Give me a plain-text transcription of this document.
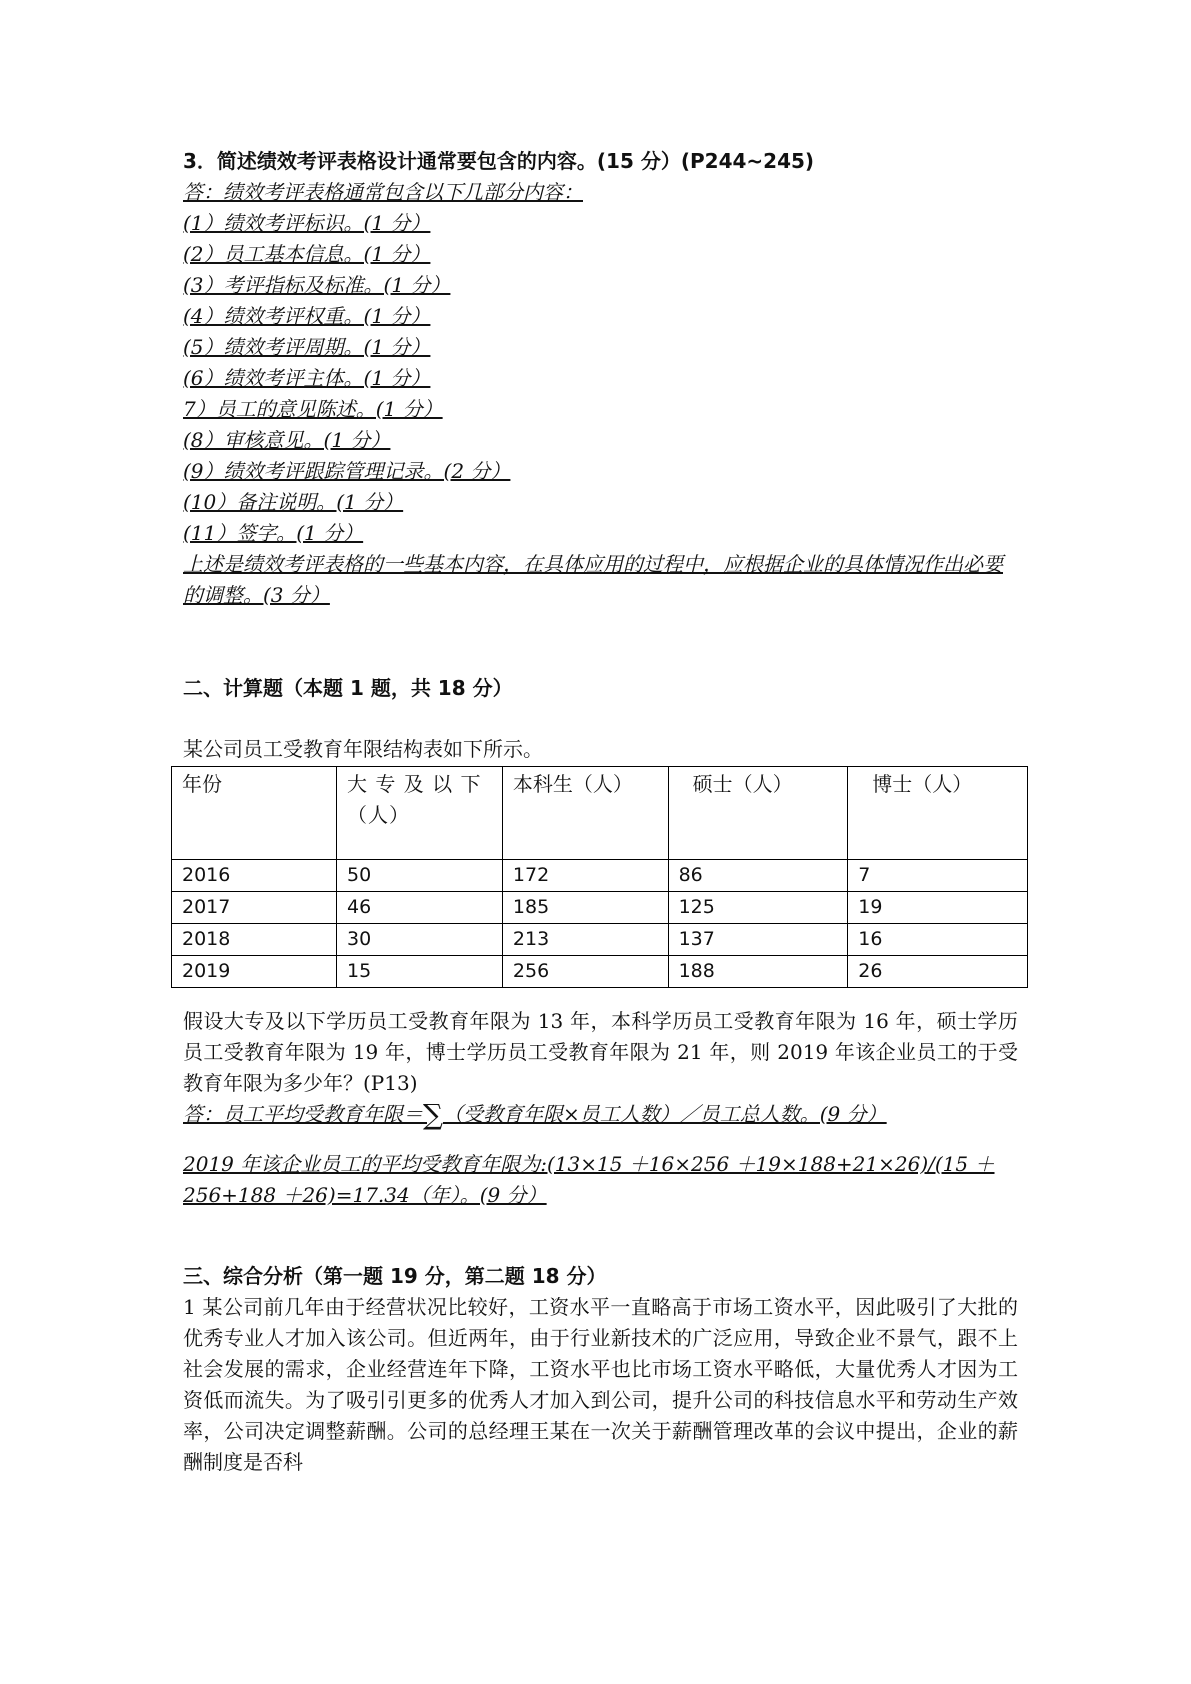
3．简述绩效考评表格设计通常要包含的内容。(15 分）(P244~245)
答：绩效考评表格通常包含以下几部分内容：
(1）绩效考评标识。(1 分）
(2）员工基本信息。(1 分）
(3）考评指标及标准。(1 分）
(4）绩效考评权重。(1 分）
(5）绩效考评周期。(1 分）
(6）绩效考评主体。(1 分）
7）员工的意见陈述。(1 分）
(8）审核意见。(1 分）
(9）绩效考评跟踪管理记录。(2 分）
(10）备注说明。(1 分）
(11）签字。(1 分）
上述是绩效考评表格的一些基本内容，在具体应用的过程中，应根据企业的具体情况作出必要的调整。(3 分）
二、计算题（本题 1 题，共 18 分）
某公司员工受教育年限结构表如下所示。
年份	大 专 及 以 下（人）	本科生（人）	硕士（人）	博士（人）
2016	50	172	86	7
2017	46	185	125	19
2018	30	213	137	16
2019	15	256	188	26
假设大专及以下学历员工受教育年限为 13 年，本科学历员工受教育年限为 16 年，硕士学历员工受教育年限为 19 年，博士学历员工受教育年限为 21 年，则 2019 年该企业员工的于受教育年限为多少年？(P13)
答：员工平均受教育年限＝∑（受教育年限×员工人数）／员工总人数。(9 分）
2019 年该企业员工的平均受教育年限为:(13×15 ＋16×256 ＋19×188+21×26)/(15 ＋256+188 ＋26)=17.34（年）。(9 分）
三、综合分析（第一题 19 分，第二题 18 分）
1 某公司前几年由于经营状况比较好，工资水平一直略高于市场工资水平，因此吸引了大批的优秀专业人才加入该公司。但近两年，由于行业新技术的广泛应用，导致企业不景气，跟不上社会发展的需求，企业经营连年下降，工资水平也比市场工资水平略低，大量优秀人才因为工资低而流失。为了吸引引更多的优秀人才加入到公司，提升公司的科技信息水平和劳动生产效率，公司决定调整薪酬。公司的总经理王某在一次关于薪酬管理改革的会议中提出，企业的薪酬制度是否科
